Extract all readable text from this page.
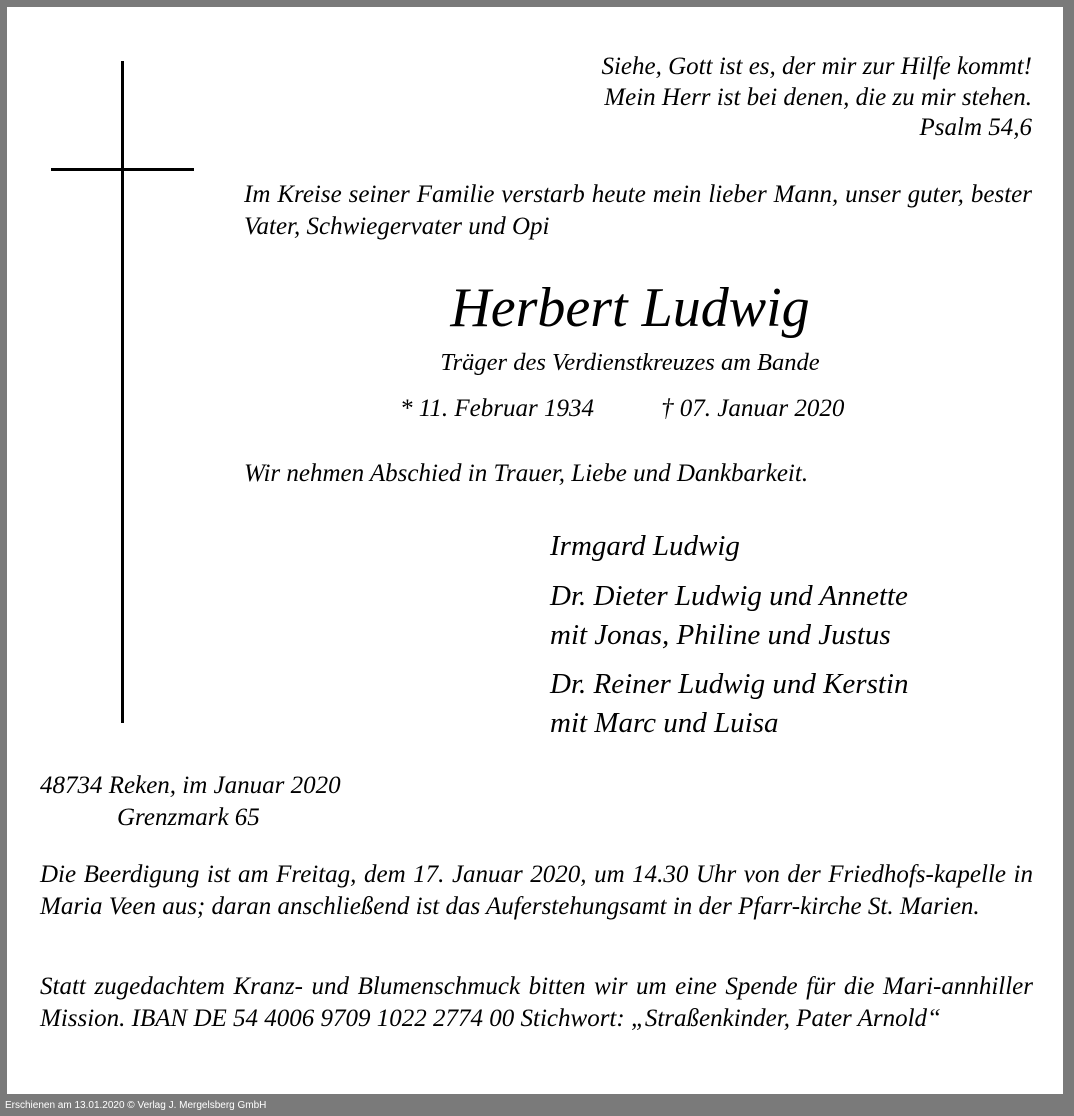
Siehe, Gott ist es, der mir zur Hilfe kommt!
Mein Herr ist bei denen, die zu mir stehen.
Psalm 54,6
Im Kreise seiner Familie verstarb heute mein lieber Mann, unser guter, bester Vater, Schwiegervater und Opi
Herbert Ludwig
Träger des Verdienstkreuzes am Bande
* 11. Februar 1934	† 07. Januar 2020
Wir nehmen Abschied in Trauer, Liebe und Dankbarkeit.
Irmgard Ludwig
Dr. Dieter Ludwig und Annette
mit Jonas, Philine und Justus
Dr. Reiner Ludwig und Kerstin
mit Marc und Luisa
48734 Reken, im Januar 2020
Grenzmark 65
Die Beerdigung ist am Freitag, dem 17. Januar 2020, um 14.30 Uhr von der Friedhofs-kapelle in Maria Veen aus; daran anschließend ist das Auferstehungsamt in der Pfarr-kirche St. Marien.
Statt zugedachtem Kranz- und Blumenschmuck bitten wir um eine Spende für die Mari-annhiller Mission. IBAN DE 54 4006 9709 1022 2774 00 Stichwort: „Straßenkinder, Pater Arnold“
Erschienen am 13.01.2020 © Verlag J. Mergelsberg GmbH
